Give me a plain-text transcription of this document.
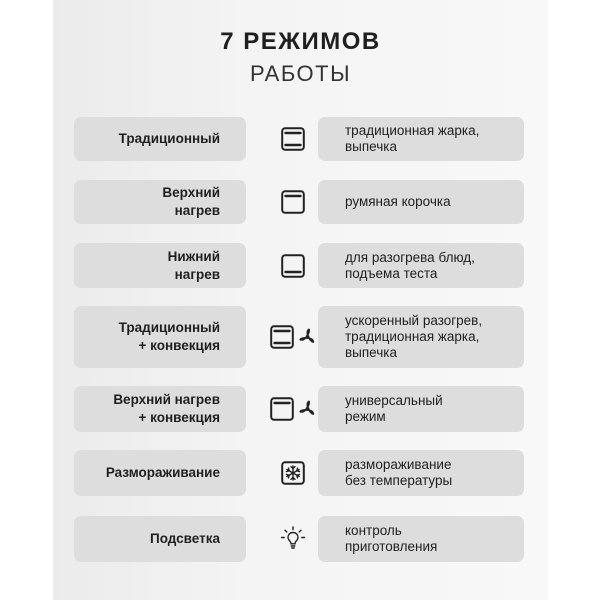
7 РЕЖИМОВ
РАБОТЫ
Традиционный
традиционная жарка,
выпечка
Верхний
нагрев
румяная корочка
Нижний
нагрев
для разогрева блюд,
подъема теста
Традиционный
+ конвекция
ускоренный разогрев,
традиционная жарка,
выпечка
Верхний нагрев
+ конвекция
универсальный
режим
Размораживание
размораживание
без температуры
Подсветка
контроль
приготовления
